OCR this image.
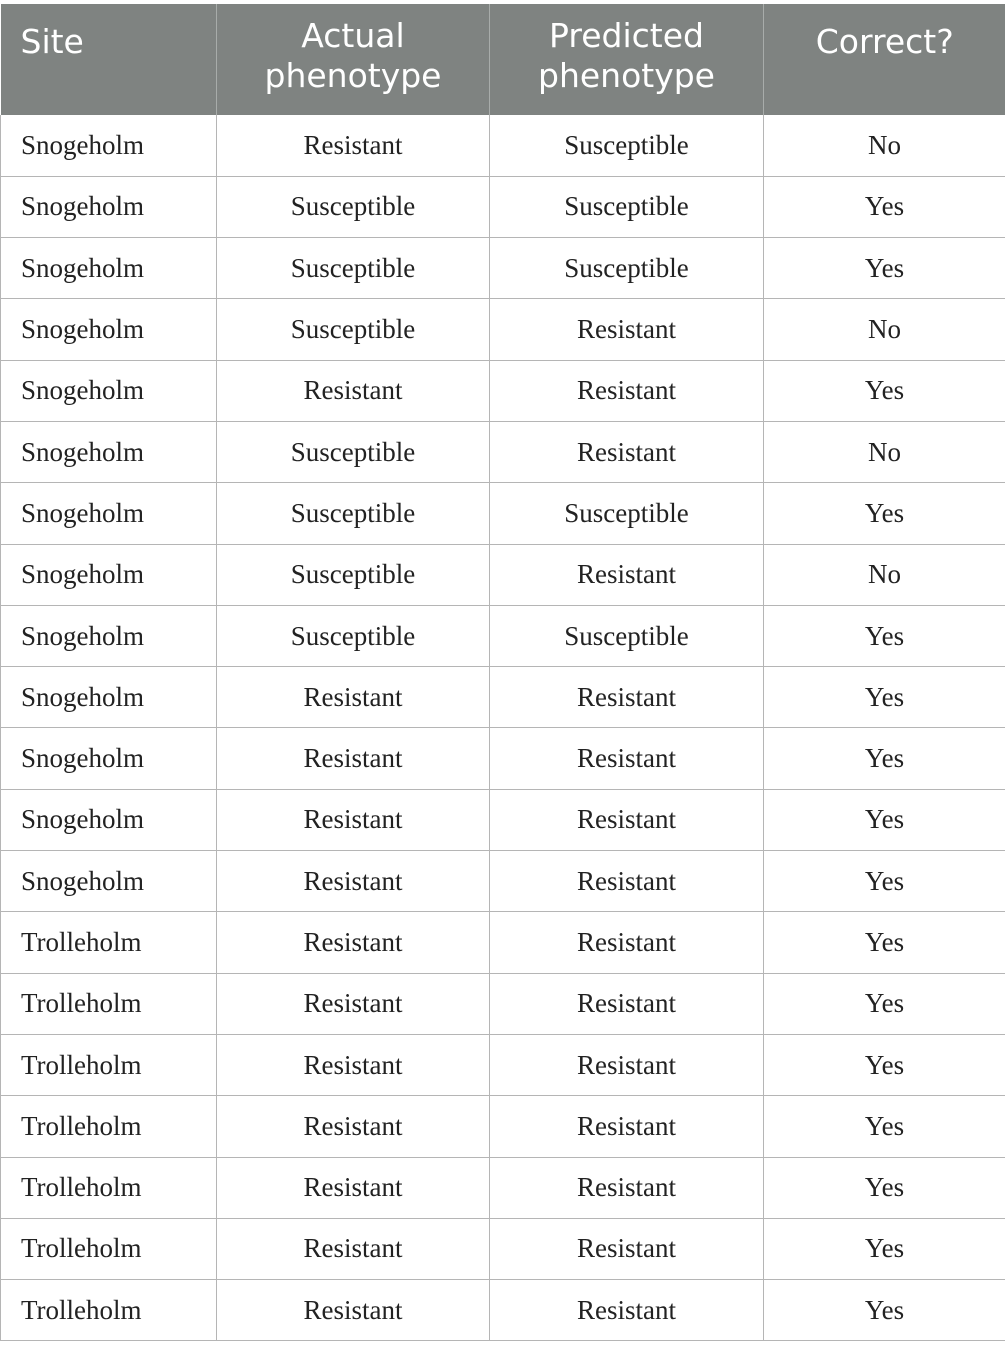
Site	Actual phenotype	Predicted phenotype	Correct?
Snogeholm	Resistant	Susceptible	No
Snogeholm	Susceptible	Susceptible	Yes
Snogeholm	Susceptible	Susceptible	Yes
Snogeholm	Susceptible	Resistant	No
Snogeholm	Resistant	Resistant	Yes
Snogeholm	Susceptible	Resistant	No
Snogeholm	Susceptible	Susceptible	Yes
Snogeholm	Susceptible	Resistant	No
Snogeholm	Susceptible	Susceptible	Yes
Snogeholm	Resistant	Resistant	Yes
Snogeholm	Resistant	Resistant	Yes
Snogeholm	Resistant	Resistant	Yes
Snogeholm	Resistant	Resistant	Yes
Trolleholm	Resistant	Resistant	Yes
Trolleholm	Resistant	Resistant	Yes
Trolleholm	Resistant	Resistant	Yes
Trolleholm	Resistant	Resistant	Yes
Trolleholm	Resistant	Resistant	Yes
Trolleholm	Resistant	Resistant	Yes
Trolleholm	Resistant	Resistant	Yes
